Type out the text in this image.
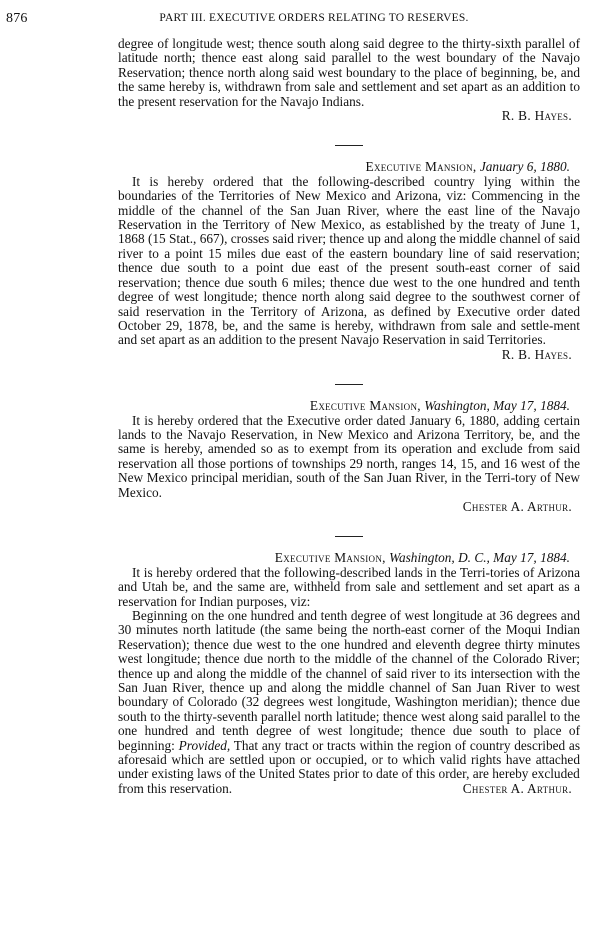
876	PART III. EXECUTIVE ORDERS RELATING TO RESERVES.

degree of longitude west; thence south along said degree to the thirty-sixth parallel of latitude north; thence east along said parallel to the west boundary of the Navajo Reservation; thence north along said west boundary to the place of beginning, be, and the same hereby is, withdrawn from sale and settlement and set apart as an addition to the present reservation for the Navajo Indians.

R. B. Hayes.

Executive Mansion, January 6, 1880.

It is hereby ordered that the following-described country lying within the boundaries of the Territories of New Mexico and Arizona, viz: Commencing in the middle of the channel of the San Juan River, where the east line of the Navajo Reservation in the Territory of New Mexico, as established by the treaty of June 1, 1868 (15 Stat., 667), crosses said river; thence up and along the middle channel of said river to a point 15 miles due east of the eastern boundary line of said reservation; thence due south to a point due east of the present south-east corner of said reservation; thence due south 6 miles; thence due west to the one hundred and tenth degree of west longitude; thence north along said degree to the southwest corner of said reservation in the Territory of Arizona, as defined by Executive order dated October 29, 1878, be, and the same is hereby, withdrawn from sale and settle-ment and set apart as an addition to the present Navajo Reservation in said Territories.

R. B. Hayes.

Executive Mansion, Washington, May 17, 1884.

It is hereby ordered that the Executive order dated January 6, 1880, adding certain lands to the Navajo Reservation, in New Mexico and Arizona Territory, be, and the same is hereby, amended so as to exempt from its operation and exclude from said reservation all those portions of townships 29 north, ranges 14, 15, and 16 west of the New Mexico principal meridian, south of the San Juan River, in the Terri-tory of New Mexico.

Chester A. Arthur.

Executive Mansion, Washington, D. C., May 17, 1884.

It is hereby ordered that the following-described lands in the Terri-tories of Arizona and Utah be, and the same are, withheld from sale and settlement and set apart as a reservation for Indian purposes, viz:

Beginning on the one hundred and tenth degree of west longitude at 36 degrees and 30 minutes north latitude (the same being the north-east corner of the Moqui Indian Reservation); thence due west to the one hundred and eleventh degree thirty minutes west longitude; thence due north to the middle of the channel of the Colorado River; thence up and along the middle of the channel of said river to its intersection with the San Juan River, thence up and along the middle channel of San Juan River to west boundary of Colorado (32 degrees west longitude, Washington meridian); thence due south to the thirty-seventh parallel north latitude; thence west along said parallel to the one hundred and tenth degree of west longitude; thence due south to place of beginning: Provided, That any tract or tracts within the region of country described as aforesaid which are settled upon or occupied, or to which valid rights have attached under existing laws of the United States prior to date of this order, are hereby excluded

from this reservation.	Chester A. Arthur.
